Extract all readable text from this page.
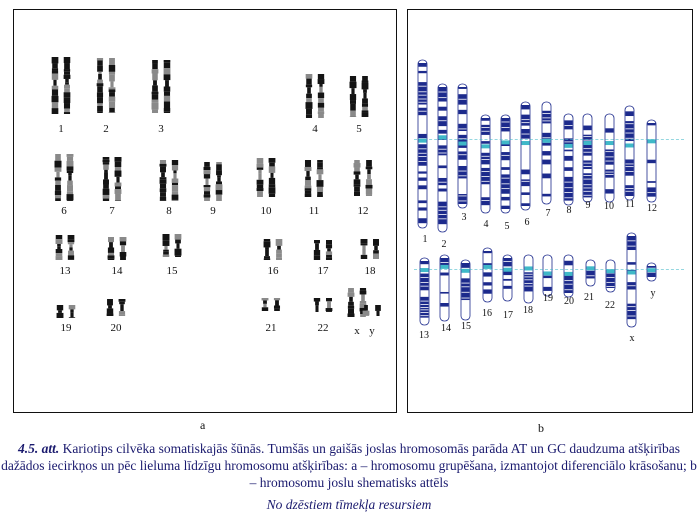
1	2	3	4	5
6	7	8	9	10	11	12
13	14	15	16	17	18
19	20	21	22	x y
a
1	2
3
4	5	6
7	8	9	10	11	12
13
14	15
16	17	18
19	20	21
22
x
y
b
4.5. att. Kariotips cilvēka somatiskajās šūnās. Tumšās un gaišās joslas hromosomās parāda AT un GC daudzuma atšķirības dažādos iecirkņos un pēc lieluma līdzīgu hromosomu atšķirības: a – hromosomu grupēšana, izmantojot diferenciālo krāsošanu; b – hromosomu joslu shematisks attēls
No dzēstiem tīmekļa resursiem
